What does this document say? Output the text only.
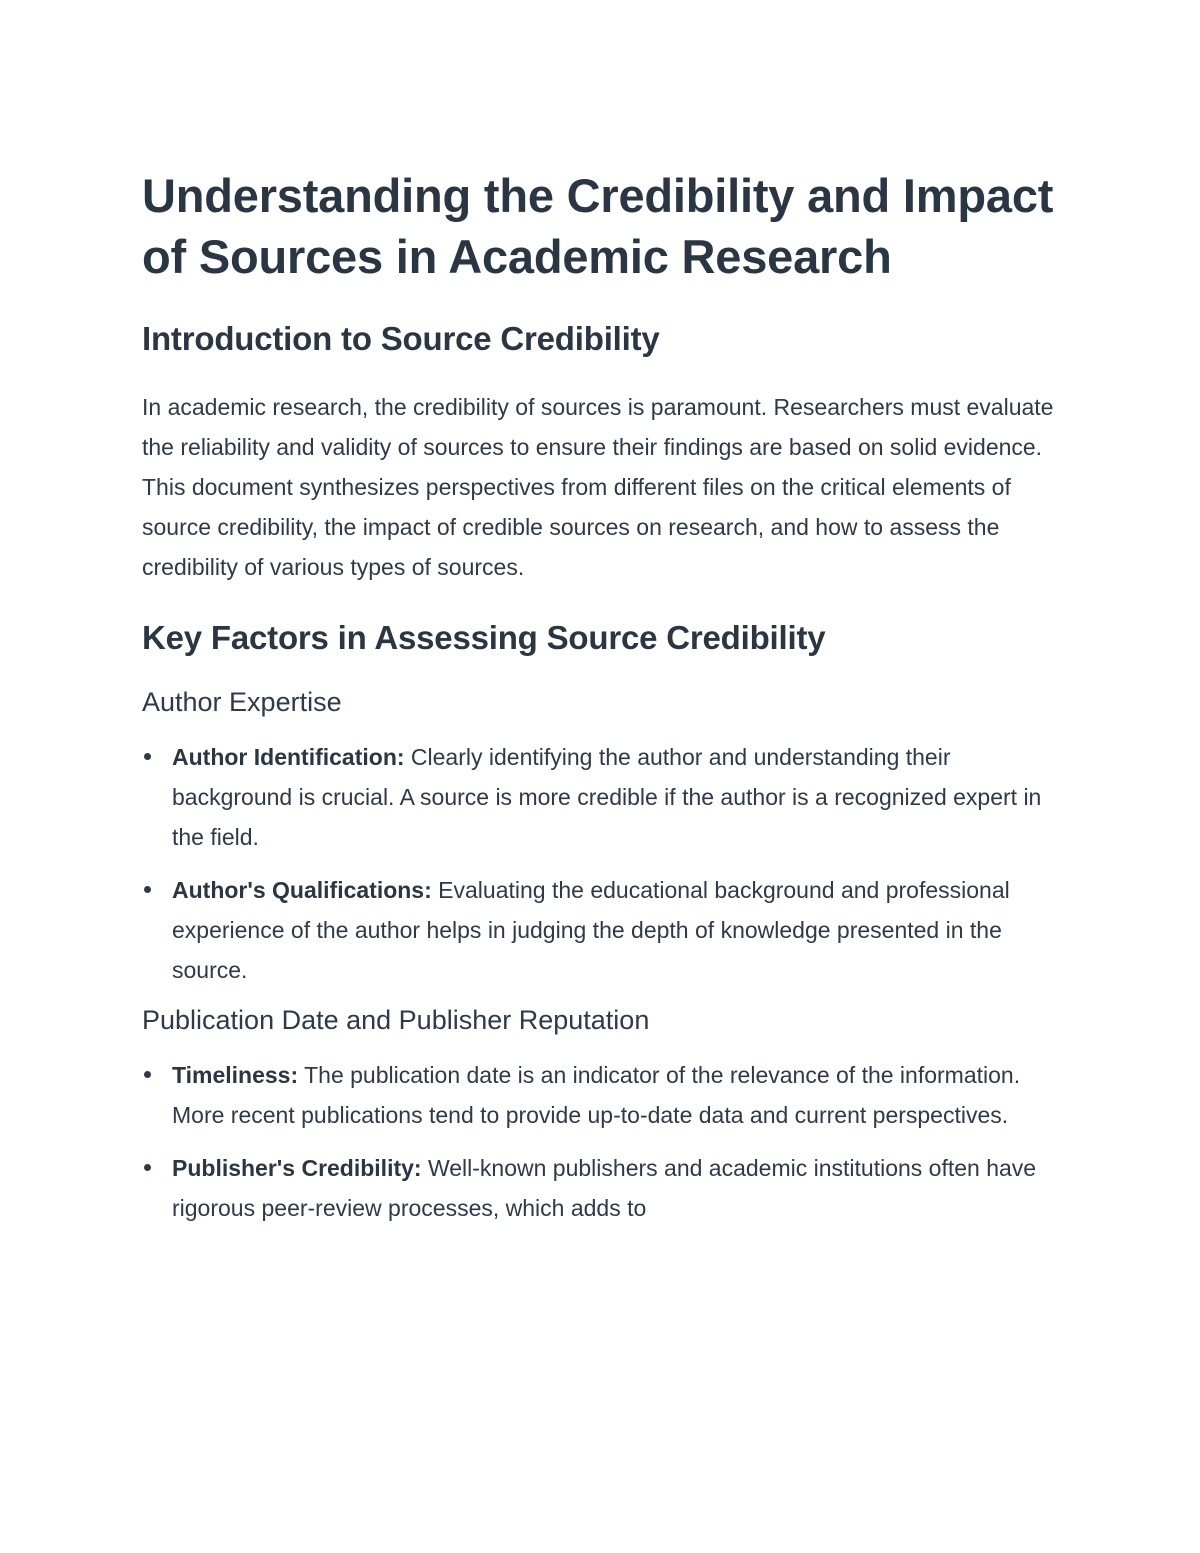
Understanding the Credibility and Impact of Sources in Academic Research
Introduction to Source Credibility

In academic research, the credibility of sources is paramount. Researchers must evaluate the reliability and validity of sources to ensure their findings are based on solid evidence. This document synthesizes perspectives from different files on the critical elements of source credibility, the impact of credible sources on research, and how to assess the credibility of various types of sources.

Key Factors in Assessing Source Credibility
Author Expertise
Author Identification: Clearly identifying the author and understanding their background is crucial. A source is more credible if the author is a recognized expert in the field.
Author's Qualifications: Evaluating the educational background and professional experience of the author helps in judging the depth of knowledge presented in the source.
Publication Date and Publisher Reputation
Timeliness: The publication date is an indicator of the relevance of the information. More recent publications tend to provide up-to-date data and current perspectives.
Publisher's Credibility: Well-known publishers and academic institutions often have rigorous peer-review processes, which adds to
